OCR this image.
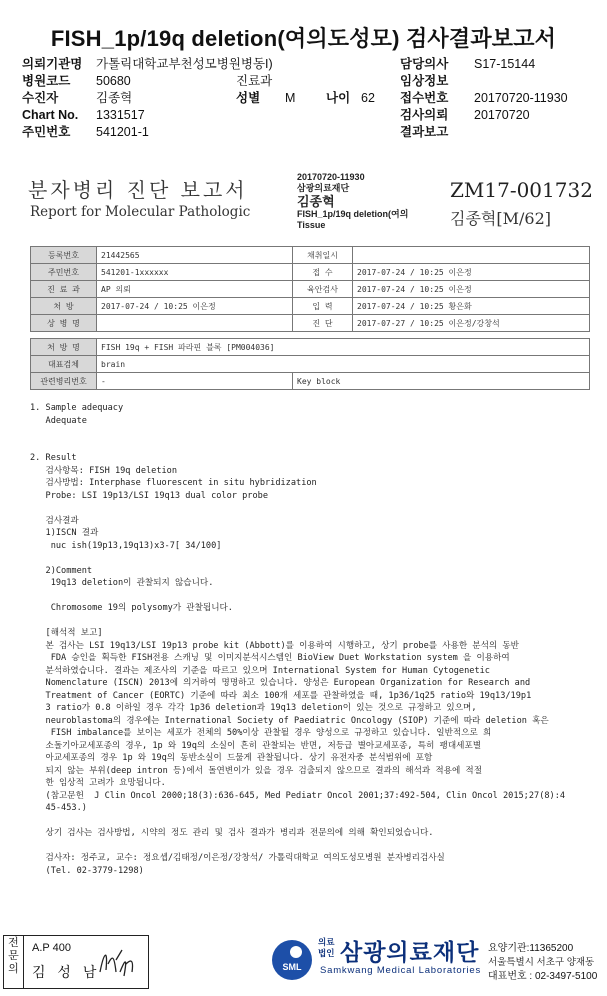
FISH_1p/19q deletion(여의도성모) 검사결과보고서
의뢰기관명 가톨릭대학교부천성모병원병동I)
병원코드 50680
수진자	김종혁
Chart No. 1331517
주민번호 541201-1
진료과
성별 M 나이 62
담당의사 S17-15144
임상정보
접수번호 20170720-11930
검사의뢰 20170720
결과보고
분자병리 진단 보고서
Report for Molecular Pathologic
20170720-11930
삼광의료재단
김종혁
FISH_1p/19q deletion(여의
Tissue
ZM17-001732
김종혁[M/62]
등록번호	21442565	채취일시	
주민번호	541201-1xxxxxx	접 수	2017-07-24 / 10:25 이은정
진 료 과	AP 의뢰	육안검사	2017-07-24 / 10:25 이은정
처 방	2017-07-24 / 10:25 이은정	입 력	2017-07-24 / 10:25 황은화
상 병 명		진 단	2017-07-27 / 10:25 이은정/강창석
처 방 명	FISH 19q + FISH 파라핀 블록 [PM004036]	
대표검체	brain	
관련병리번호	-	Key block
1. Sample adequacy
Adequate

2. Result
검사항목: FISH 19q deletion
검사방법: Interphase fluorescent in situ hybridization
Probe: LSI 19p13/LSI 19q13 dual color probe

검사결과
1)ISCN 결과
nuc ish(19p13,19q13)x3-7[ 34/100]

2)Comment
19q13 deletion이 관찰되지 않습니다.

Chromosome 19의 polysomy가 관찰됩니다.

[해석적 보고]
본 검사는 LSI 19q13/LSI 19p13 probe kit (Abbott)를 이용하여 시행하고, 상기 probe를 사용한 분석의 동반
FDA 승인을 획득한 FISH전용 스캐닝 및 이미지분석시스템인 BioView Duet Workstation system 을 이용하여
분석하였습니다. 결과는 제조사의 기준을 따르고 있으며 International System for Human Cytogenetic
Nomenclature (ISCN) 2013에 의거하여 명명하고 있습니다. 양성은 European Organization for Research and
Treatment of Cancer (EORTC) 기준에 따라 최소 100개 세포를 관찰하였을 때, 1p36/1q25 ratio와 19q13/19p1
3 ratio가 0.8 이하일 경우 각각 1p36 deletion과 19q13 deletion이 있는 것으로 규정하고 있으며,
neuroblastoma의 경우에는 International Society of Paediatric Oncology (SIOP) 기준에 따라 deletion 혹은
FISH imbalance를 보이는 세포가 전체의 50%이상 관찰될 경우 양성으로 규정하고 있습니다. 일반적으로 희
소돌기아교세포종의 경우, 1p 와 19q의 소실이 흔히 관찰되는 반면, 저등급 별아교세포종, 특히 팽대세포별
아교세포종의 경우 1p 와 19q의 동반소실이 드물게 관찰됩니다. 상기 유전자중 분석범위에 포함
되지 않는 부위(deep intron 등)에서 돌연변이가 있을 경우 검출되지 않으므로 결과의 해석과 적용에 적절
한 임상적 고려가 요망됩니다.
(참고문헌  J Clin Oncol 2000;18(3):636-645, Med Pediatr Oncol 2001;37:492-504, Clin Oncol 2015;27(8):4
45-453.)

상기 검사는 검사방법, 시약의 정도 관리 및 검사 결과가 병리과 전문의에 의해 확인되었습니다.

검사자: 정주교, 교수: 정요셉/김태정/이은정/강창석/ 가톨릭대학교 여의도성모병원 분자병리검사실
(Tel. 02-3779-1298)
전
문
의
A.P 400
김 성 남	SML
의료
법인 삼광의료재단
Samkwang Medical Laboratories
요양기관:11365200
서울특별시 서초구 양재동
대표번호 : 02-3497-5100
